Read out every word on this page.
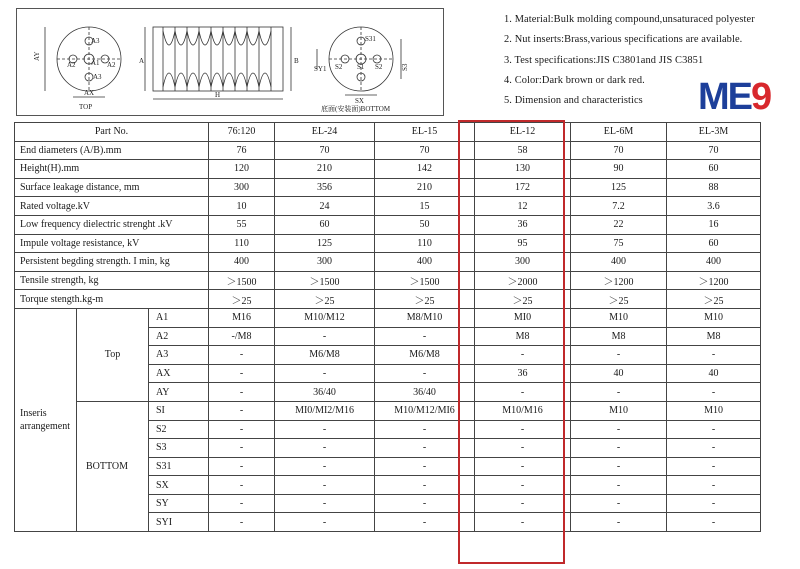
A3
A2 A1 A2
A3
AY
AX
TOP
A	B
H
S31
S2 S1 S2
SY1
SX
S3
底面(安装面)BOTTOM
1. Material:Bulk molding compound,unsaturaced polyester
2. Nut inserts:Brass,various specifications are available.
3. Test specifications:JIS C3801and JIS C3851
4. Color:Dark brown or dark red.
5. Dimension and characteristics	ME9
Part No.			76:120	EL-24	EL-15	EL-12	EL-6M	EL-3M
End diameters (A/B).mm			76	70	70	58	70	70
Height(H).mm			120	210	142	130	90	60
Surface leakage distance, mm			300	356	210	172	125	88
Rated voltage.kV			10	24	15	12	7.2	3.6
Low frequency dielectric strenght .kV			55	60	50	36	22	16
Impule voltage resistance, kV			110	125	110	95	75	60
Persistent begding strength. I min, kg			400	300	400	300	400	400
Tensile strength, kg			＞1500	＞1500	＞1500	＞2000	＞1200	＞1200
Torque stength.kg-m			＞25	＞25	＞25	＞25	＞25	＞25
Inseris arrangement	Top	A1	M16	M10/M12	M8/M10	MI0	M10	M10
		A2	-/M8	-	-	M8	M8	M8
		A3	-	M6/M8	M6/M8	-	-	-
		AX	-	-	-	36	40	40
		AY	-	36/40	36/40	-	-	-
	BOTTOM	SI	-	MI0/MI2/M16	M10/M12/MI6	M10/M16	M10	M10
		S2	-	-	-	-	-	-
		S3	-	-	-	-	-	-
		S31	-	-	-	-	-	-
		SX	-	-	-	-	-	-
		SY	-	-	-	-	-	-
		SYI	-	-	-	-	-	-
